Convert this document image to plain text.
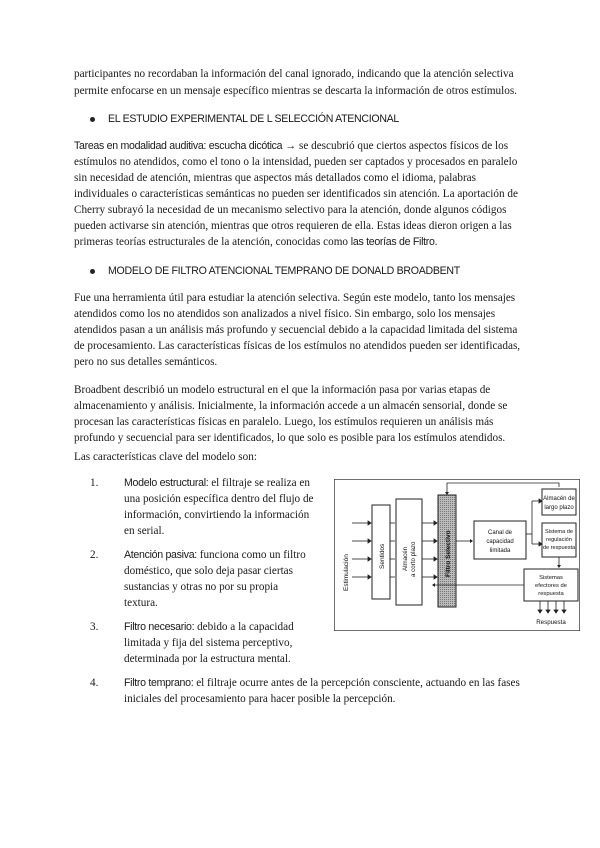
participantes no recordaban la información del canal ignorado, indicando que la atención selectiva permite enfocarse en un mensaje específico mientras se descarta la información de otros estímulos.

EL ESTUDIO EXPERIMENTAL DE L SELECCIÓN ATENCIONAL

Tareas en modalidad auditiva: escucha dicótica → se descubrió que ciertos aspectos físicos de los estímulos no atendidos, como el tono o la intensidad, pueden ser captados y procesados en paralelo sin necesidad de atención, mientras que aspectos más detallados como el idioma, palabras individuales o características semánticas no pueden ser identificados sin atención. La aportación de Cherry subrayó la necesidad de un mecanismo selectivo para la atención, donde algunos códigos pueden activarse sin atención, mientras que otros requieren de ella. Estas ideas dieron origen a las primeras teorías estructurales de la atención, conocidas como las teorías de Filtro.

MODELO DE FILTRO ATENCIONAL TEMPRANO DE DONALD BROADBENT

Fue una herramienta útil para estudiar la atención selectiva. Según este modelo, tanto los mensajes atendidos como los no atendidos son analizados a nivel físico. Sin embargo, solo los mensajes atendidos pasan a un análisis más profundo y secuencial debido a la capacidad limitada del sistema de procesamiento. Las características físicas de los estímulos no atendidos pueden ser identificadas, pero no sus detalles semánticos.

Broadbent describió un modelo estructural en el que la información pasa por varias etapas de almacenamiento y análisis. Inicialmente, la información accede a un almacén sensorial, donde se procesan las características físicas en paralelo. Luego, los estímulos requieren un análisis más profundo y secuencial para ser identificados, lo que solo es posible para los estímulos atendidos.

Las características clave del modelo son:

1.	Modelo estructural: el filtraje se realiza en una posición específica dentro del flujo de información, convirtiendo la información en serial.
2.	Atención pasiva: funciona como un filtro doméstico, que solo deja pasar ciertas sustancias y otras no por su propia textura.
3.	Filtro necesario: debido a la capacidad limitada y fija del sistema perceptivo, determinada por la estructura mental.
Estimulación	Sentidos	Almacén a corto plazo	Filtro Selectivo	Canal de
capacidad
limitada
Almacén de
largo plazo
Sistema de
regulación
de respuesta
Sistemas
efectores de
respuesta
Respuesta
4.	Filtro temprano: el filtraje ocurre antes de la percepción consciente, actuando en las fases iniciales del procesamiento para hacer posible la percepción.
